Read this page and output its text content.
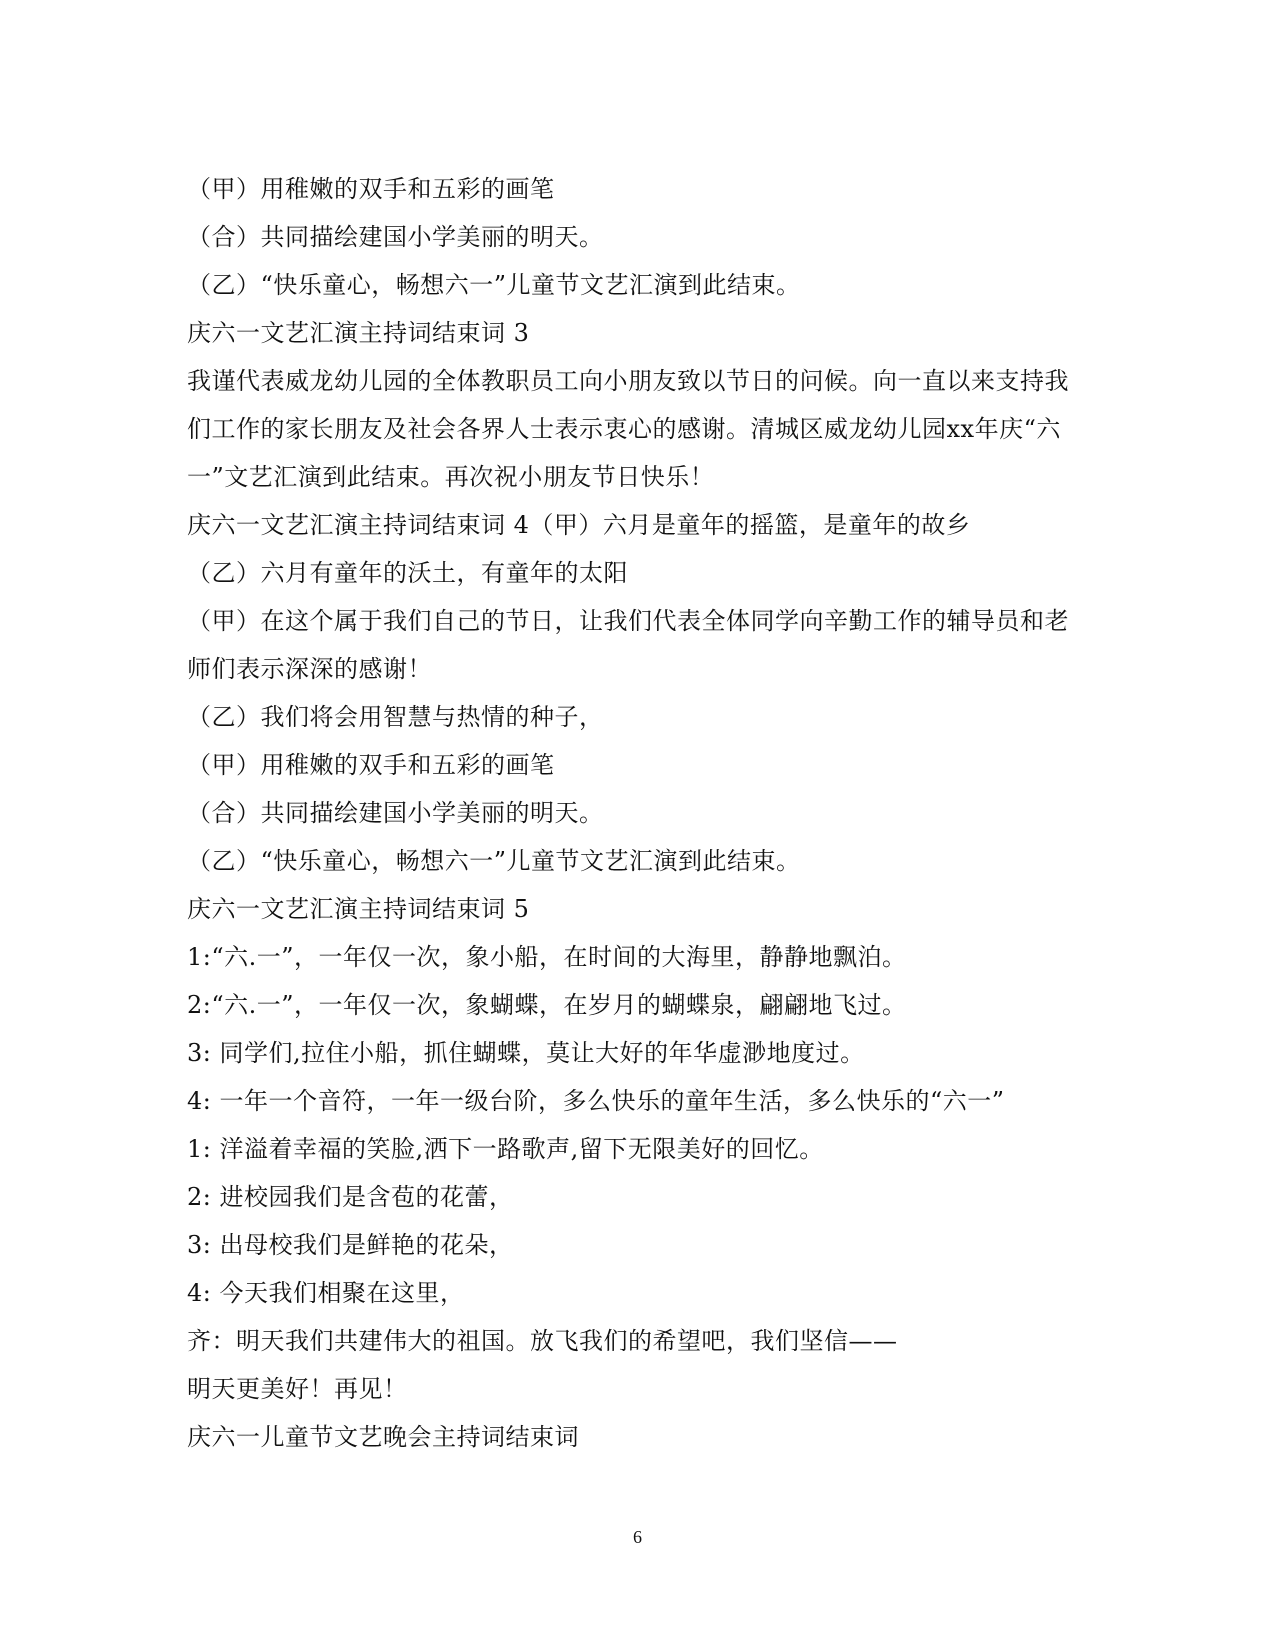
（甲）用稚嫩的双手和五彩的画笔
（合）共同描绘建国小学美丽的明天。
（乙）“快乐童心，畅想六一”儿童节文艺汇演到此结束。
庆六一文艺汇演主持词结束词 3
我谨代表威龙幼儿园的全体教职员工向小朋友致以节日的问候。向一直以来支持我
们工作的家长朋友及社会各界人士表示衷心的感谢。清城区威龙幼儿园xx年庆“六
一”文艺汇演到此结束。再次祝小朋友节日快乐！
庆六一文艺汇演主持词结束词 4（甲）六月是童年的摇篮，是童年的故乡
（乙）六月有童年的沃土，有童年的太阳
（甲）在这个属于我们自己的节日，让我们代表全体同学向辛勤工作的辅导员和老
师们表示深深的感谢！
（乙）我们将会用智慧与热情的种子，
（甲）用稚嫩的双手和五彩的画笔
（合）共同描绘建国小学美丽的明天。
（乙）“快乐童心，畅想六一”儿童节文艺汇演到此结束。
庆六一文艺汇演主持词结束词 5
1:“六.一”，一年仅一次，象小船，在时间的大海里，静静地飘泊。
2:“六.一”，一年仅一次，象蝴蝶，在岁月的蝴蝶泉，翩翩地飞过。
3: 同学们,拉住小船，抓住蝴蝶，莫让大好的年华虚渺地度过。
4: 一年一个音符，一年一级台阶，多么快乐的童年生活，多么快乐的“六一”
1: 洋溢着幸福的笑脸,洒下一路歌声,留下无限美好的回忆。
2: 进校园我们是含苞的花蕾，
3: 出母校我们是鲜艳的花朵，
4: 今天我们相聚在这里，
齐：明天我们共建伟大的祖国。放飞我们的希望吧，我们坚信——
明天更美好！再见！
庆六一儿童节文艺晚会主持词结束词
6
